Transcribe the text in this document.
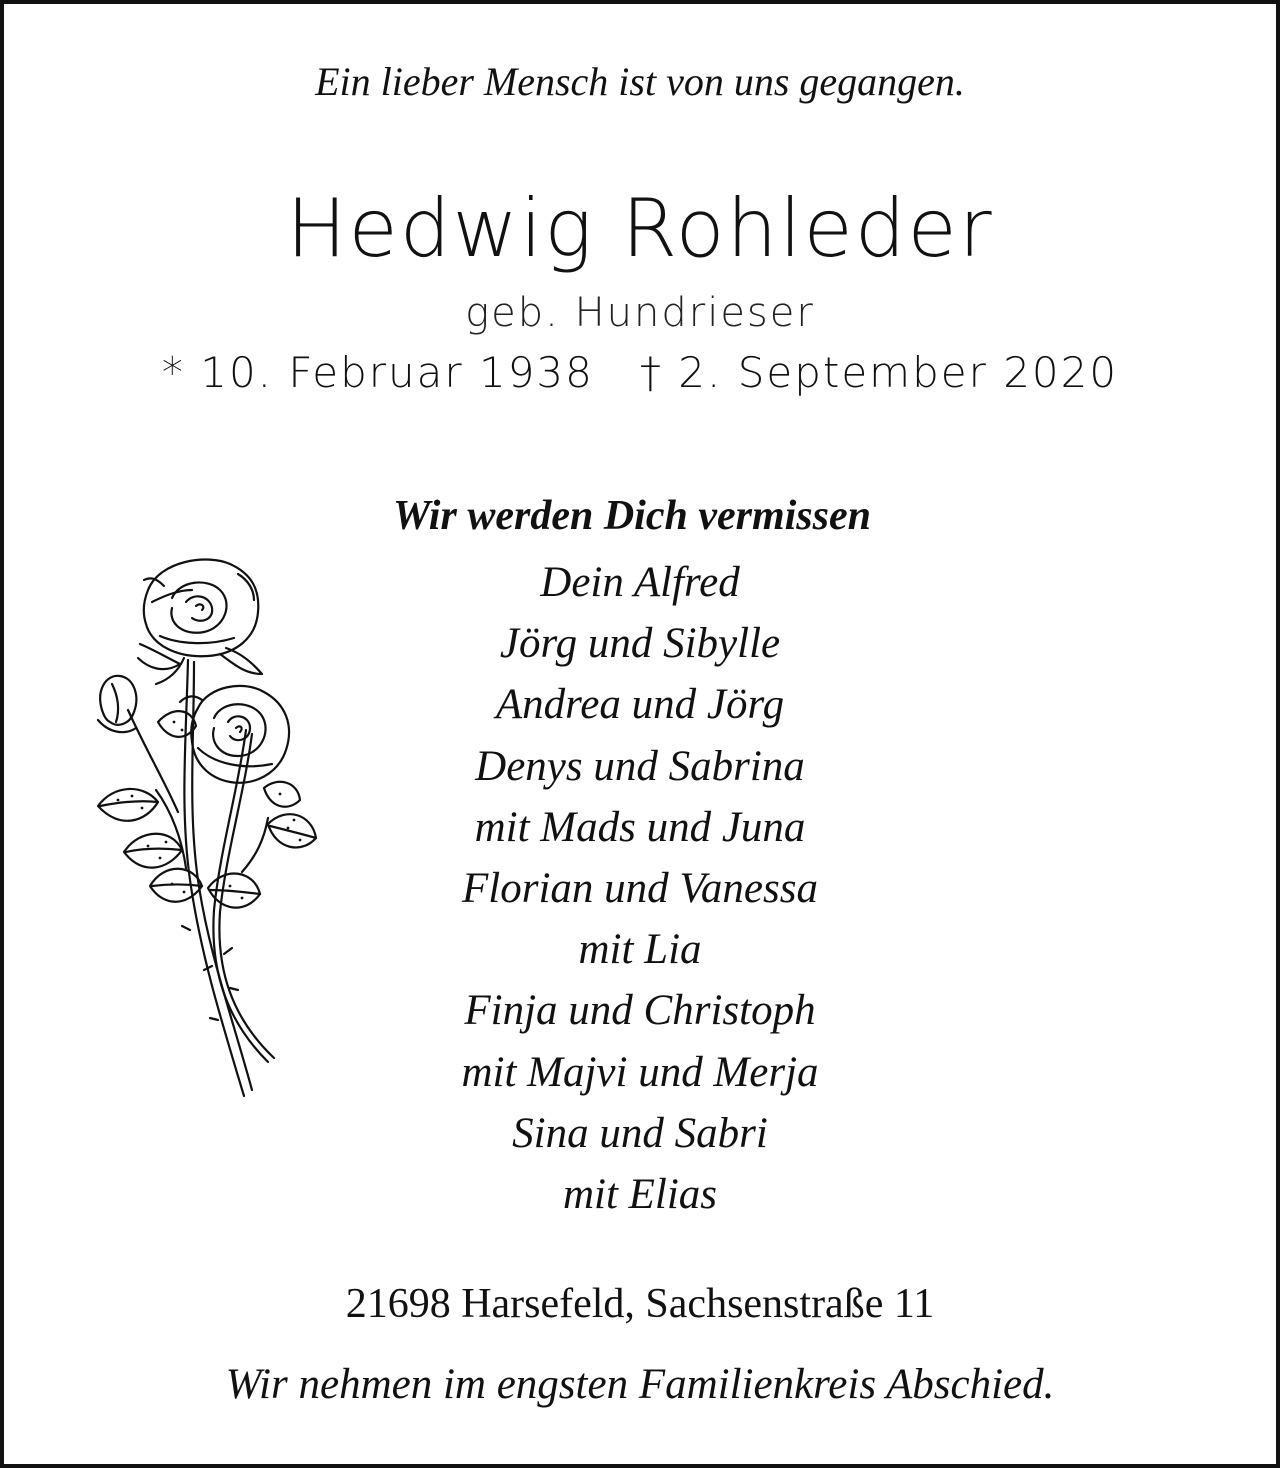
Ein lieber Mensch ist von uns gegangen.
Hedwig Rohleder
geb. Hundrieser
* 10. Februar 1938   † 2. September 2020
Wir werden Dich vermissen
Dein Alfred
Jörg und Sibylle
Andrea und Jörg
Denys und Sabrina
mit Mads und Juna
Florian und Vanessa
mit Lia
Finja und Christoph
mit Majvi und Merja
Sina und Sabri
mit Elias
21698 Harsefeld, Sachsenstraße 11
Wir nehmen im engsten Familienkreis Abschied.
